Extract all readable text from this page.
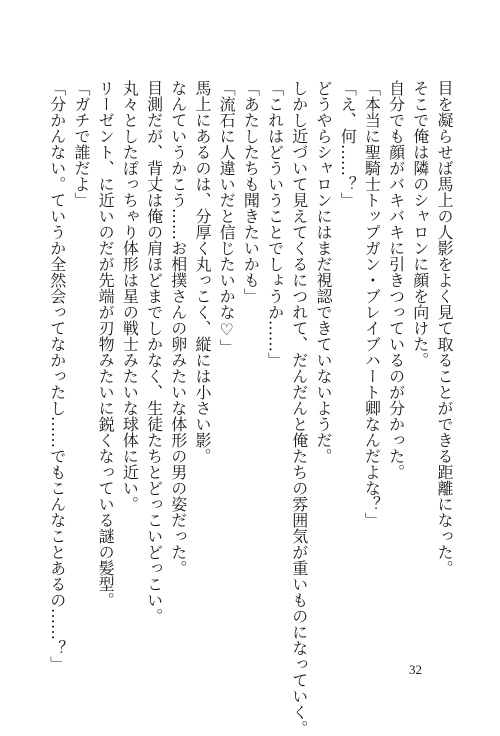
目を凝らせば馬上の人影をよく見て取ることができる距離になった。
そこで俺は隣のシャロンに顔を向けた。
自分でも顔がバキバキに引きつっているのが分かった。
「本当に聖騎士トップガン・ブレイブハート卿なんだよな？」
「え、何……？」
どうやらシャロンにはまだ視認できていないようだ。
しかし近づいて見えてくるにつれて、だんだんと俺たちの雰囲気が重いものになっていく。
「これはどういうことでしょうか……」
「あたしたちも聞きたいかも」
「流石に人違いだと信じたいかな♡」
馬上にあるのは、分厚く丸っこく、縦には小さい影。
なんていうかこう……お相撲さんの卵みたいな体形の男の姿だった。
目測だが、背丈は俺の肩ほどまでしかなく、生徒たちとどっこいどっこい。
丸々としたぽっちゃり体形は星の戦士みたいな球体に近い。
リーゼント、に近いのだが先端が刃物みたいに鋭くなっている謎の髪型。
「ガチで誰だよ」
「分かんない。ていうか全然会ってなかったし……でもこんなことあるの……？」	32
